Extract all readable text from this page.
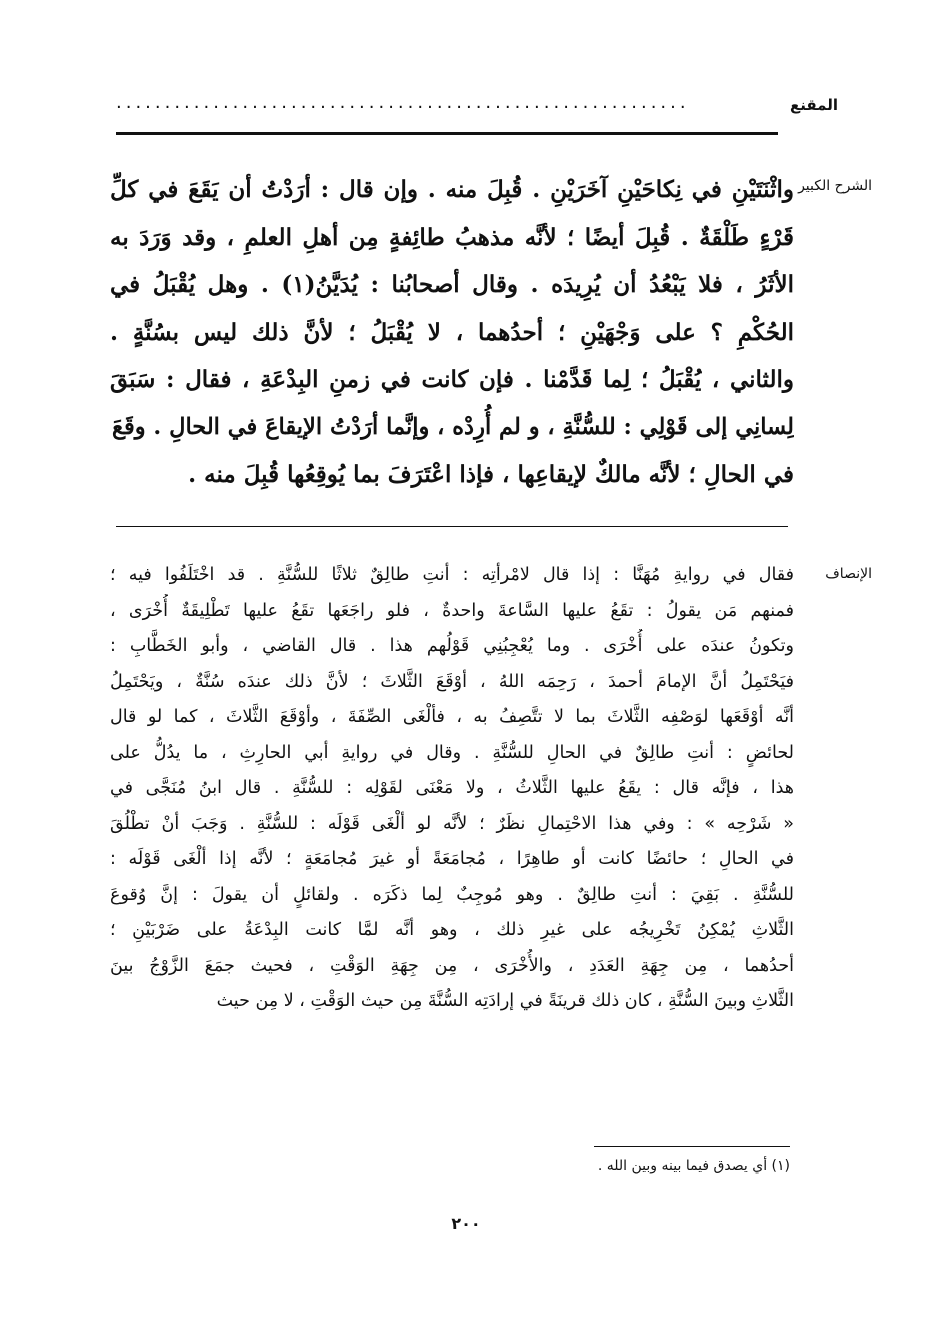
المقنع
...........................................................
الشرح الكبير
واثْنَتَيْنِ في نِكاحَيْنِ آخَرَيْنِ . قُبِلَ منه . وإن قال : أرَدْتُ أن يَقَعَ في كلِّ
قَرْءٍ طَلْقَةٌ . قُبِلَ أيضًا ؛ لأنَّه مذهبُ طائِفةٍ مِن أهلِ العلمِ ، وقد وَرَدَ به
الأثَرُ ، فلا يَبْعُدُ أن يُرِيدَه . وقال أصحابُنا : يُدَيَّنُ(١) . وهل يُقْبَلُ في
الحُكْمِ ؟ على وَجْهَيْنِ ؛ أحدُهما ، لا يُقْبَلُ ؛ لأنَّ ذلك ليس بسُنَّةٍ .
والثاني ، يُقْبَلُ ؛ لِما قَدَّمْنا . فإن كانت في زمنِ البِدْعَةِ ، فقال : سَبَقَ
لِسانِي إلى قَوْلِي : للسُّنَّةِ ، و لم أُرِدْه ، وإنَّما أرَدْتُ الإيقاعَ في الحالِ . وقَعَ
في الحالِ ؛ لأنَّه مالكٌ لإيقاعِها ، فإذا اعْتَرَفَ بما يُوقِعُها قُبِلَ منه .
الإنصاف
فقال في روايةِ مُهَنَّا : إذا قال لامْرأتِه : أنتِ طالِقٌ ثلاثًا للسُّنَّةِ . قد اخْتَلَفُوا فيه ؛
فمنهم مَن يقولُ : تقَعُ عليها السَّاعةَ واحدةٌ ، فلو راجَعَها تقَعُ عليها تَطْلِيقَةٌ أُخْرَى ،
وتكونُ عندَه على أُخْرَى . وما يُعْجِبُنِي قَوْلُهم هذا . قال القاضي ، وأبو الخَطَّابِ :
فيَحْتَمِلُ أنَّ الإمامَ أحمدَ ، رَحِمَه اللهُ ، أوْقَعَ الثَّلاثَ ؛ لأنَّ ذلك عندَه سُنَّةٌ ، ويَحْتَمِلُ
أنَّه أوْقَعَها لوَصْفِه الثَّلاثَ بما لا تتَّصِفُ به ، فألْغَى الصِّفَةَ ، وأوْقَعَ الثَّلاثَ ، كما لو قال
لحائضٍ : أنتِ طالِقٌ في الحالِ للسُّنَّةِ . وقال في روايةِ أبي الحارِثِ ، ما يدُلُّ على
هذا ، فإنَّه قال : يقَعُ عليها الثَّلاثُ ، ولا مَعْنَى لقَوْلِه : للسُّنَّةِ . قال ابنُ مُنَجَّى في
« شَرْحِه » : وفي هذا الاحْتِمالِ نظَرٌ ؛ لأنَّه لو ألْغَى قَوْلَه : للسُّنَّةِ . وَجَبَ أنْ تطْلُقَ
في الحالِ ؛ حائضًا كانت أو طاهِرًا ، مُجامَعَةً أو غيرَ مُجامَعَةٍ ؛ لأنَّه إذا ألْغَى قَوْلَه :
للسُّنَّةِ . بَقِيَ : أنتِ طالِقٌ . وهو مُوجِبٌ لِما ذكَرَه . ولقائلٍ أن يقولَ : إنَّ وُقوعَ
الثَّلاثِ يُمْكِنُ تَخْرِيجُه على غيرِ ذلك ، وهو أنَّه لمَّا كانت البِدْعَةُ على ضَرْبَيْنِ ؛
أحدُهما ، مِن جِهَةِ العَدَدِ ، والأُخْرَى ، مِن جِهَةِ الوَقْتِ ، فحيث جمَعَ الزَّوْجُ بينَ
الثَّلاثِ وبينَ السُّنَّةِ ، كان ذلك قرينَةً في إرادَتِه السُّنَّةَ مِن حيث الوَقْتِ ، لا مِن حيث
(١) أي يصدق فيما بينه وبين الله .
٢٠٠
